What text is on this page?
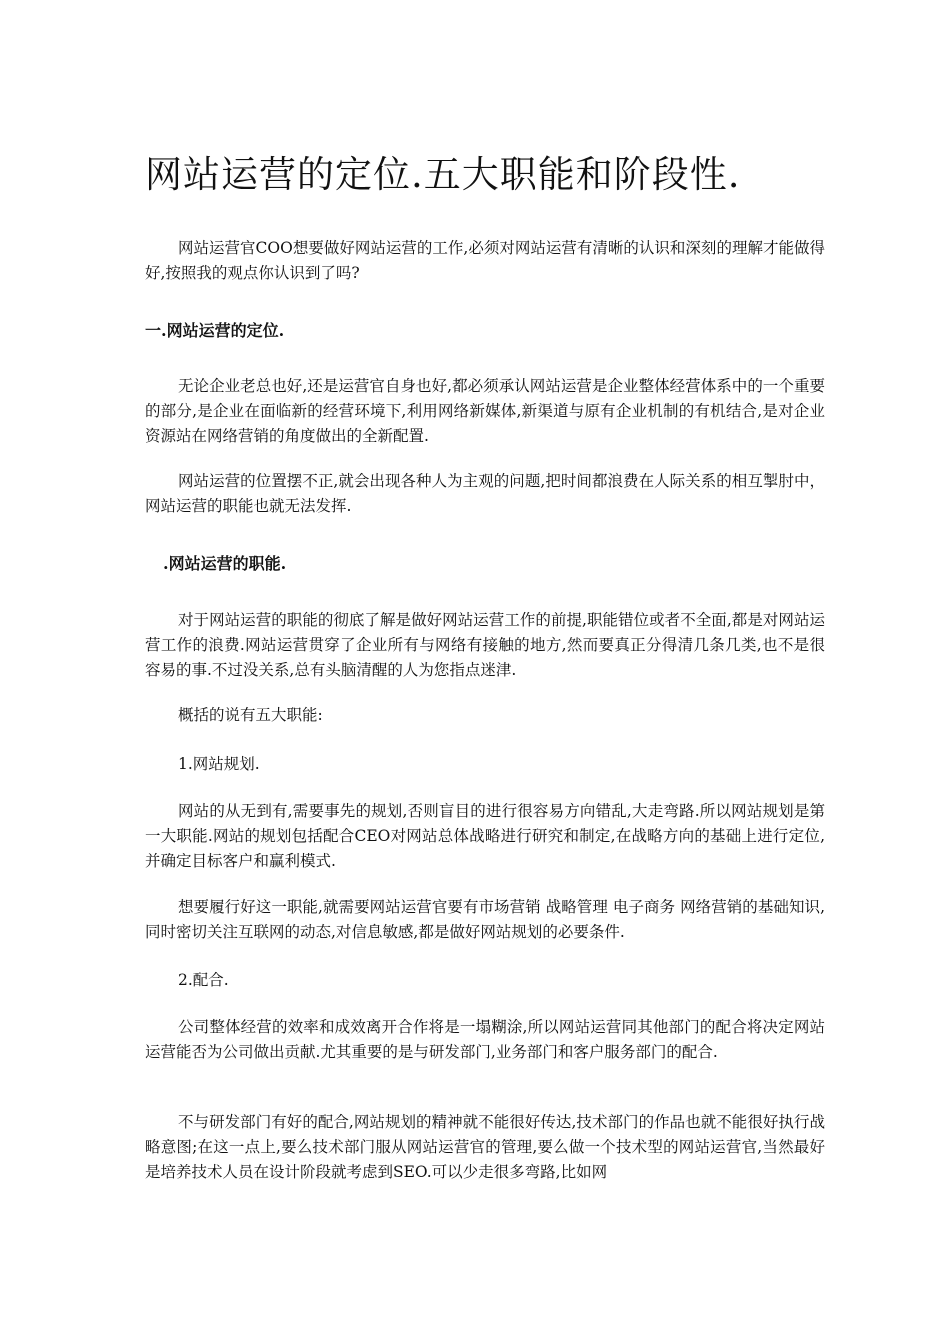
网站运营的定位.五大职能和阶段性.

网站运营官COO想要做好网站运营的工作,必须对网站运营有清晰的认识和深刻的理解才能做得好,按照我的观点你认识到了吗?

一.网站运营的定位.

无论企业老总也好,还是运营官自身也好,都必须承认网站运营是企业整体经营体系中的一个重要的部分,是企业在面临新的经营环境下,利用网络新媒体,新渠道与原有企业机制的有机结合,是对企业资源站在网络营销的角度做出的全新配置.

网站运营的位置摆不正,就会出现各种人为主观的问题,把时间都浪费在人际关系的相互掣肘中，网站运营的职能也就无法发挥.

.网站运营的职能.

对于网站运营的职能的彻底了解是做好网站运营工作的前提,职能错位或者不全面,都是对网站运营工作的浪费.网站运营贯穿了企业所有与网络有接触的地方,然而要真正分得清几条几类,也不是很容易的事.不过没关系,总有头脑清醒的人为您指点迷津.

概括的说有五大职能:

1.网站规划.

网站的从无到有,需要事先的规划,否则盲目的进行很容易方向错乱,大走弯路.所以网站规划是第一大职能.网站的规划包括配合CEO对网站总体战略进行研究和制定,在战略方向的基础上进行定位,并确定目标客户和赢利模式.

想要履行好这一职能,就需要网站运营官要有市场营销 战略管理 电子商务 网络营销的基础知识,同时密切关注互联网的动态,对信息敏感,都是做好网站规划的必要条件.

2.配合.

公司整体经营的效率和成效离开合作将是一塌糊涂,所以网站运营同其他部门的配合将决定网站运营能否为公司做出贡献.尤其重要的是与研发部门,业务部门和客户服务部门的配合.

不与研发部门有好的配合,网站规划的精神就不能很好传达,技术部门的作品也就不能很好执行战略意图;在这一点上,要么技术部门服从网站运营官的管理,要么做一个技术型的网站运营官,当然最好是培养技术人员在设计阶段就考虑到SEO.可以少走很多弯路,比如网
